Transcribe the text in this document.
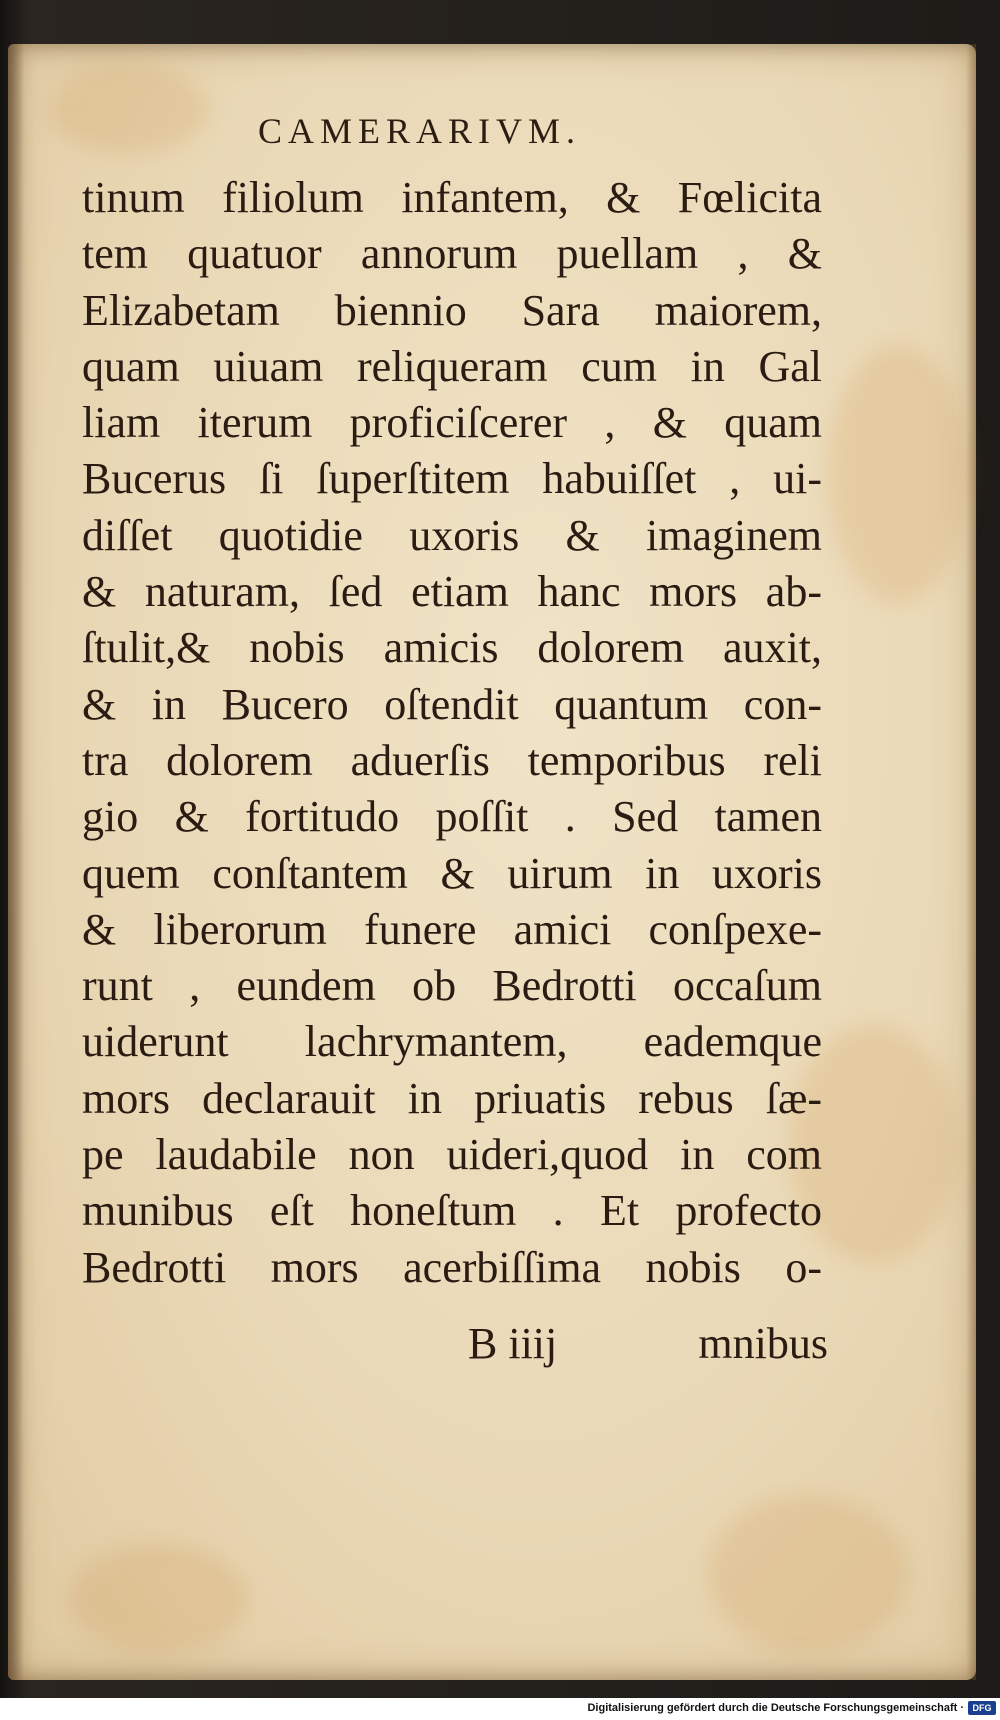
CAMERARIVM.
tinum filiolum infantem, & Fœlicita
tem quatuor annorum puellam , &
Elizabetam biennio Sara maiorem,
quam uiuam reliqueram cum in Gal
liam iterum proficiſcerer , & quam
Bucerus ſi ſuperſtitem habuiſſet , ui-
diſſet quotidie uxoris & imaginem
& naturam, ſed etiam hanc mors ab-
ſtulit,& nobis amicis dolorem auxit,
& in Bucero oſtendit quantum con-
tra dolorem aduerſis temporibus reli
gio & fortitudo poſſit . Sed tamen
quem conſtantem & uirum in uxoris
& liberorum funere amici conſpexe-
runt , eundem ob Bedrotti occaſum
uiderunt lachrymantem, eademque
mors declarauit in priuatis rebus ſæ-
pe laudabile non uideri,quod in com
munibus eſt honeſtum . Et profecto
Bedrotti mors acerbiſſima nobis o-
B iiij	mnibus
Digitalisierung gefördert durch die Deutsche Forschungsgemeinschaft · DFG
